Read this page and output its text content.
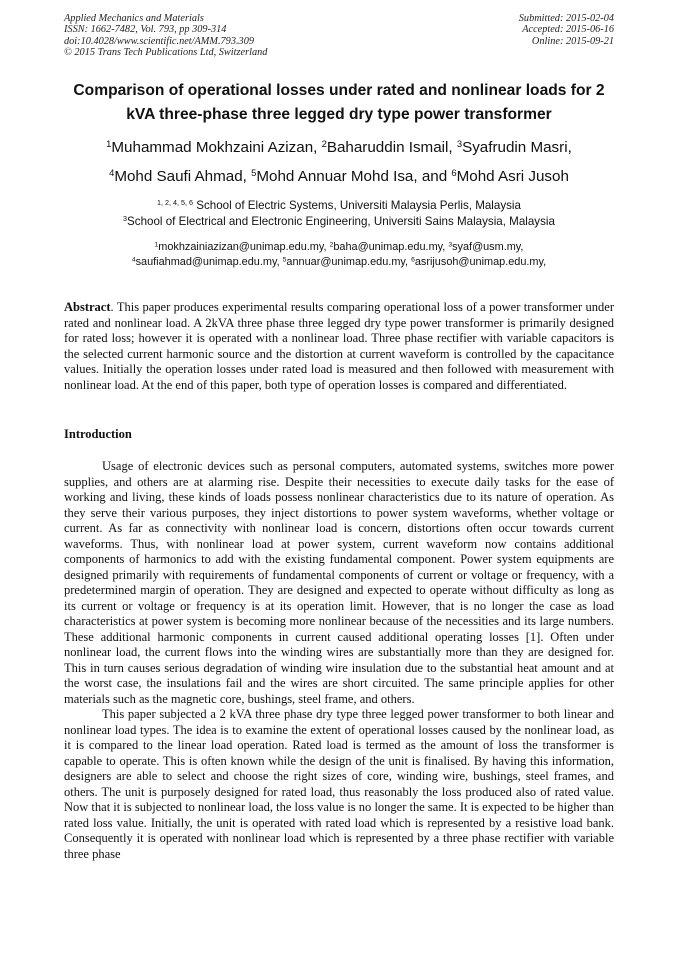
Applied Mechanics and Materials
ISSN: 1662-7482, Vol. 793, pp 309-314
doi:10.4028/www.scientific.net/AMM.793.309
© 2015 Trans Tech Publications Ltd, Switzerland
Submitted: 2015-02-04
Accepted: 2015-06-16
Online: 2015-09-21
Comparison of operational losses under rated and nonlinear loads for 2
kVA three-phase three legged dry type power transformer
$^1$Muhammad Mokhzaini Azizan, $^2$Baharuddin Ismail, $^3$Syafrudin Masri,
$^4$Mohd Saufi Ahmad, $^5$Mohd Annuar Mohd Isa, and $^6$Mohd Asri Jusoh
$^{1, 2, 4, 5, 6}$ School of Electric Systems, Universiti Malaysia Perlis, Malaysia
$^3$School of Electrical and Electronic Engineering, Universiti Sains Malaysia, Malaysia
$^1$mokhzainiazizan@unimap.edu.my, $^2$baha@unimap.edu.my, $^3$syaf@usm.my,
$^4$saufiahmad@unimap.edu.my, $^5$annuar@unimap.edu.my, $^6$asrijusoh@unimap.edu.my,
Abstract. This paper produces experimental results comparing operational loss of a power transformer under rated and nonlinear load. A 2kVA three phase three legged dry type power transformer is primarily designed for rated loss; however it is operated with a nonlinear load. Three phase rectifier with variable capacitors is the selected current harmonic source and the distortion at current waveform is controlled by the capacitance values. Initially the operation losses under rated load is measured and then followed with measurement with nonlinear load. At the end of this paper, both type of operation losses is compared and differentiated.
Introduction

Usage of electronic devices such as personal computers, automated systems, switches more power supplies, and others are at alarming rise. Despite their necessities to execute daily tasks for the ease of working and living, these kinds of loads possess nonlinear characteristics due to its nature of operation. As they serve their various purposes, they inject distortions to power system waveforms, whether voltage or current. As far as connectivity with nonlinear load is concern, distortions often occur towards current waveforms. Thus, with nonlinear load at power system, current waveform now contains additional components of harmonics to add with the existing fundamental component. Power system equipments are designed primarily with requirements of fundamental components of current or voltage or frequency, with a predetermined margin of operation. They are designed and expected to operate without difficulty as long as its current or voltage or frequency is at its operation limit. However, that is no longer the case as load characteristics at power system is becoming more nonlinear because of the necessities and its large numbers. These additional harmonic components in current caused additional operating losses [1]. Often under nonlinear load, the current flows into the winding wires are substantially more than they are designed for. This in turn causes serious degradation of winding wire insulation due to the substantial heat amount and at the worst case, the insulations fail and the wires are short circuited. The same principle applies for other materials such as the magnetic core, bushings, steel frame, and others.

This paper subjected a 2 kVA three phase dry type three legged power transformer to both linear and nonlinear load types. The idea is to examine the extent of operational losses caused by the nonlinear load, as it is compared to the linear load operation. Rated load is termed as the amount of loss the transformer is capable to operate. This is often known while the design of the unit is finalised. By having this information, designers are able to select and choose the right sizes of core, winding wire, bushings, steel frames, and others. The unit is purposely designed for rated load, thus reasonably the loss produced also of rated value. Now that it is subjected to nonlinear load, the loss value is no longer the same. It is expected to be higher than rated loss value. Initially, the unit is operated with rated load which is represented by a resistive load bank. Consequently it is operated with nonlinear load which is represented by a three phase rectifier with variable three phase
